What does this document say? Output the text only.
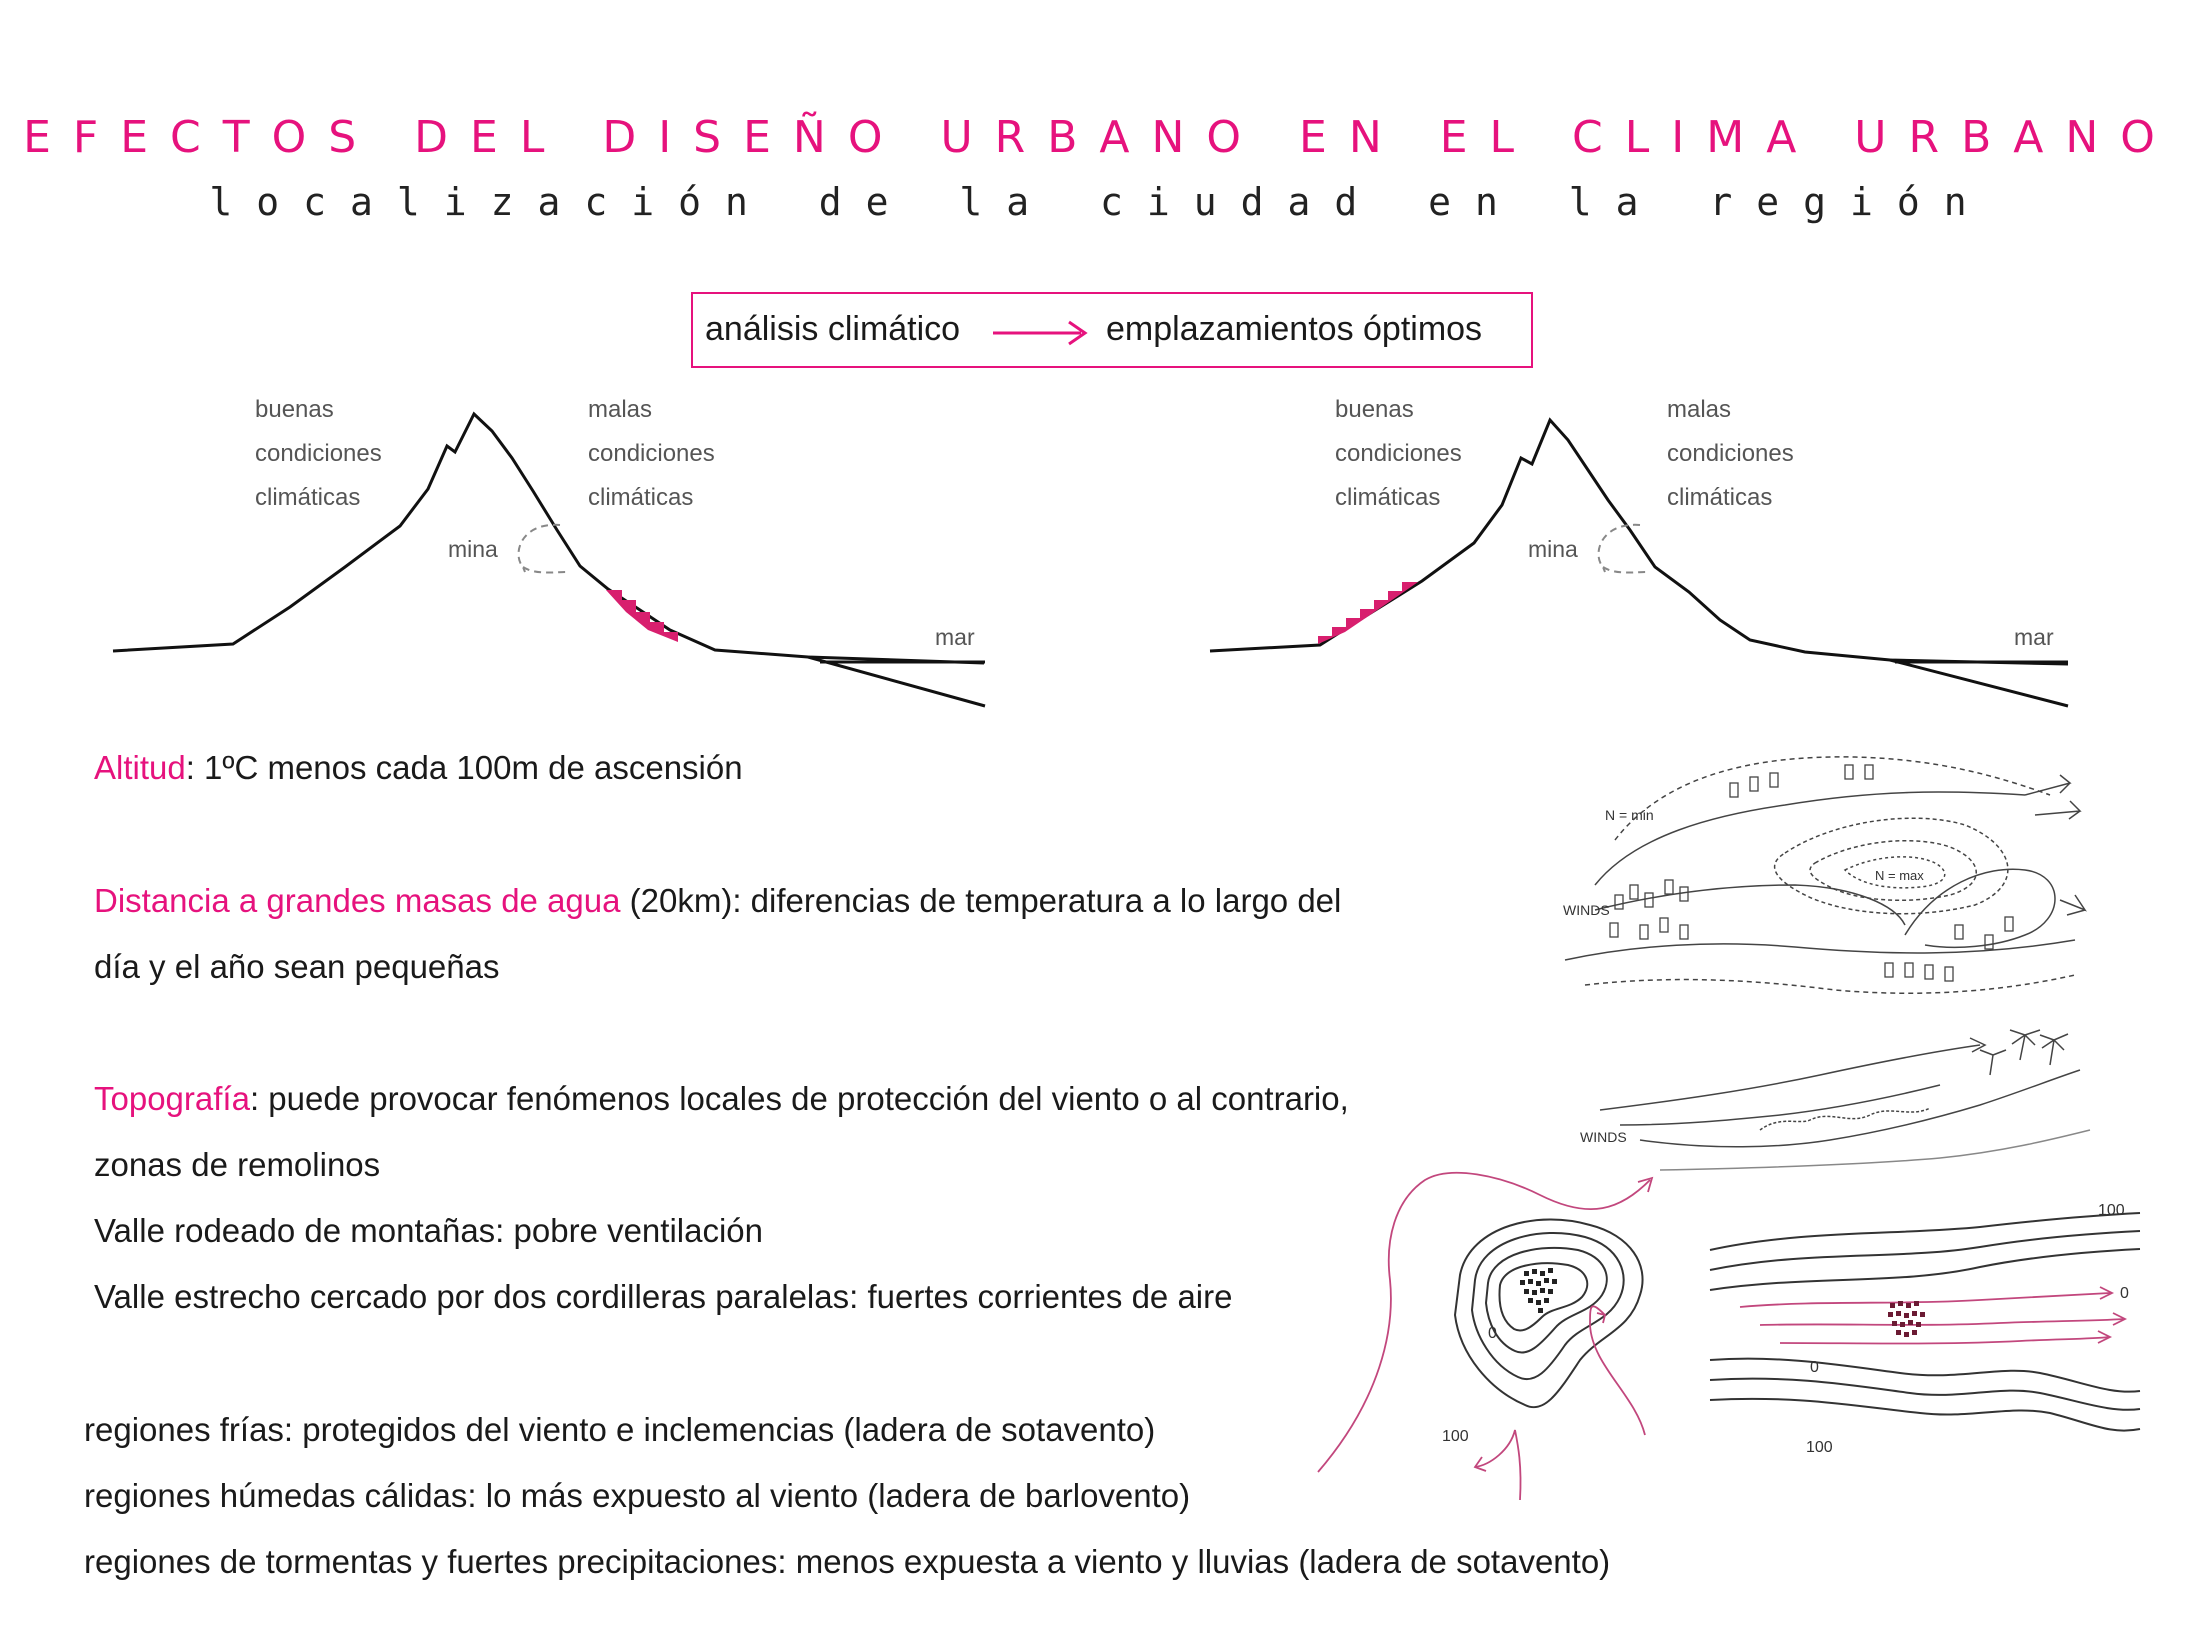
EFECTOS DEL DISEÑO URBANO EN EL CLIMA URBANO
localización de la ciudad en la región
análisis climático	emplazamientos óptimos
buenas
condiciones
climáticas
malas
condiciones
climáticas
mina
mar
buenas
condiciones
climáticas
malas
condiciones
climáticas
mina
mar
Altitud: 1ºC menos cada 100m de ascensión
Distancia a grandes masas de agua (20km): diferencias de temperatura a lo largo del
día y el año sean pequeñas
Topografía: puede provocar fenómenos locales de protección del viento o al contrario,
zonas de remolinos
Valle rodeado de montañas: pobre ventilación
Valle estrecho cercado por dos cordilleras paralelas: fuertes corrientes de aire
regiones frías: protegidos del viento e inclemencias (ladera de sotavento)
regiones húmedas cálidas: lo más expuesto al viento (ladera de barlovento)
regiones de tormentas y fuertes precipitaciones: menos expuesta a viento y lluvias (ladera de sotavento)
N = min
N = max
WINDS
WINDS
0
100
100
0
0
100
